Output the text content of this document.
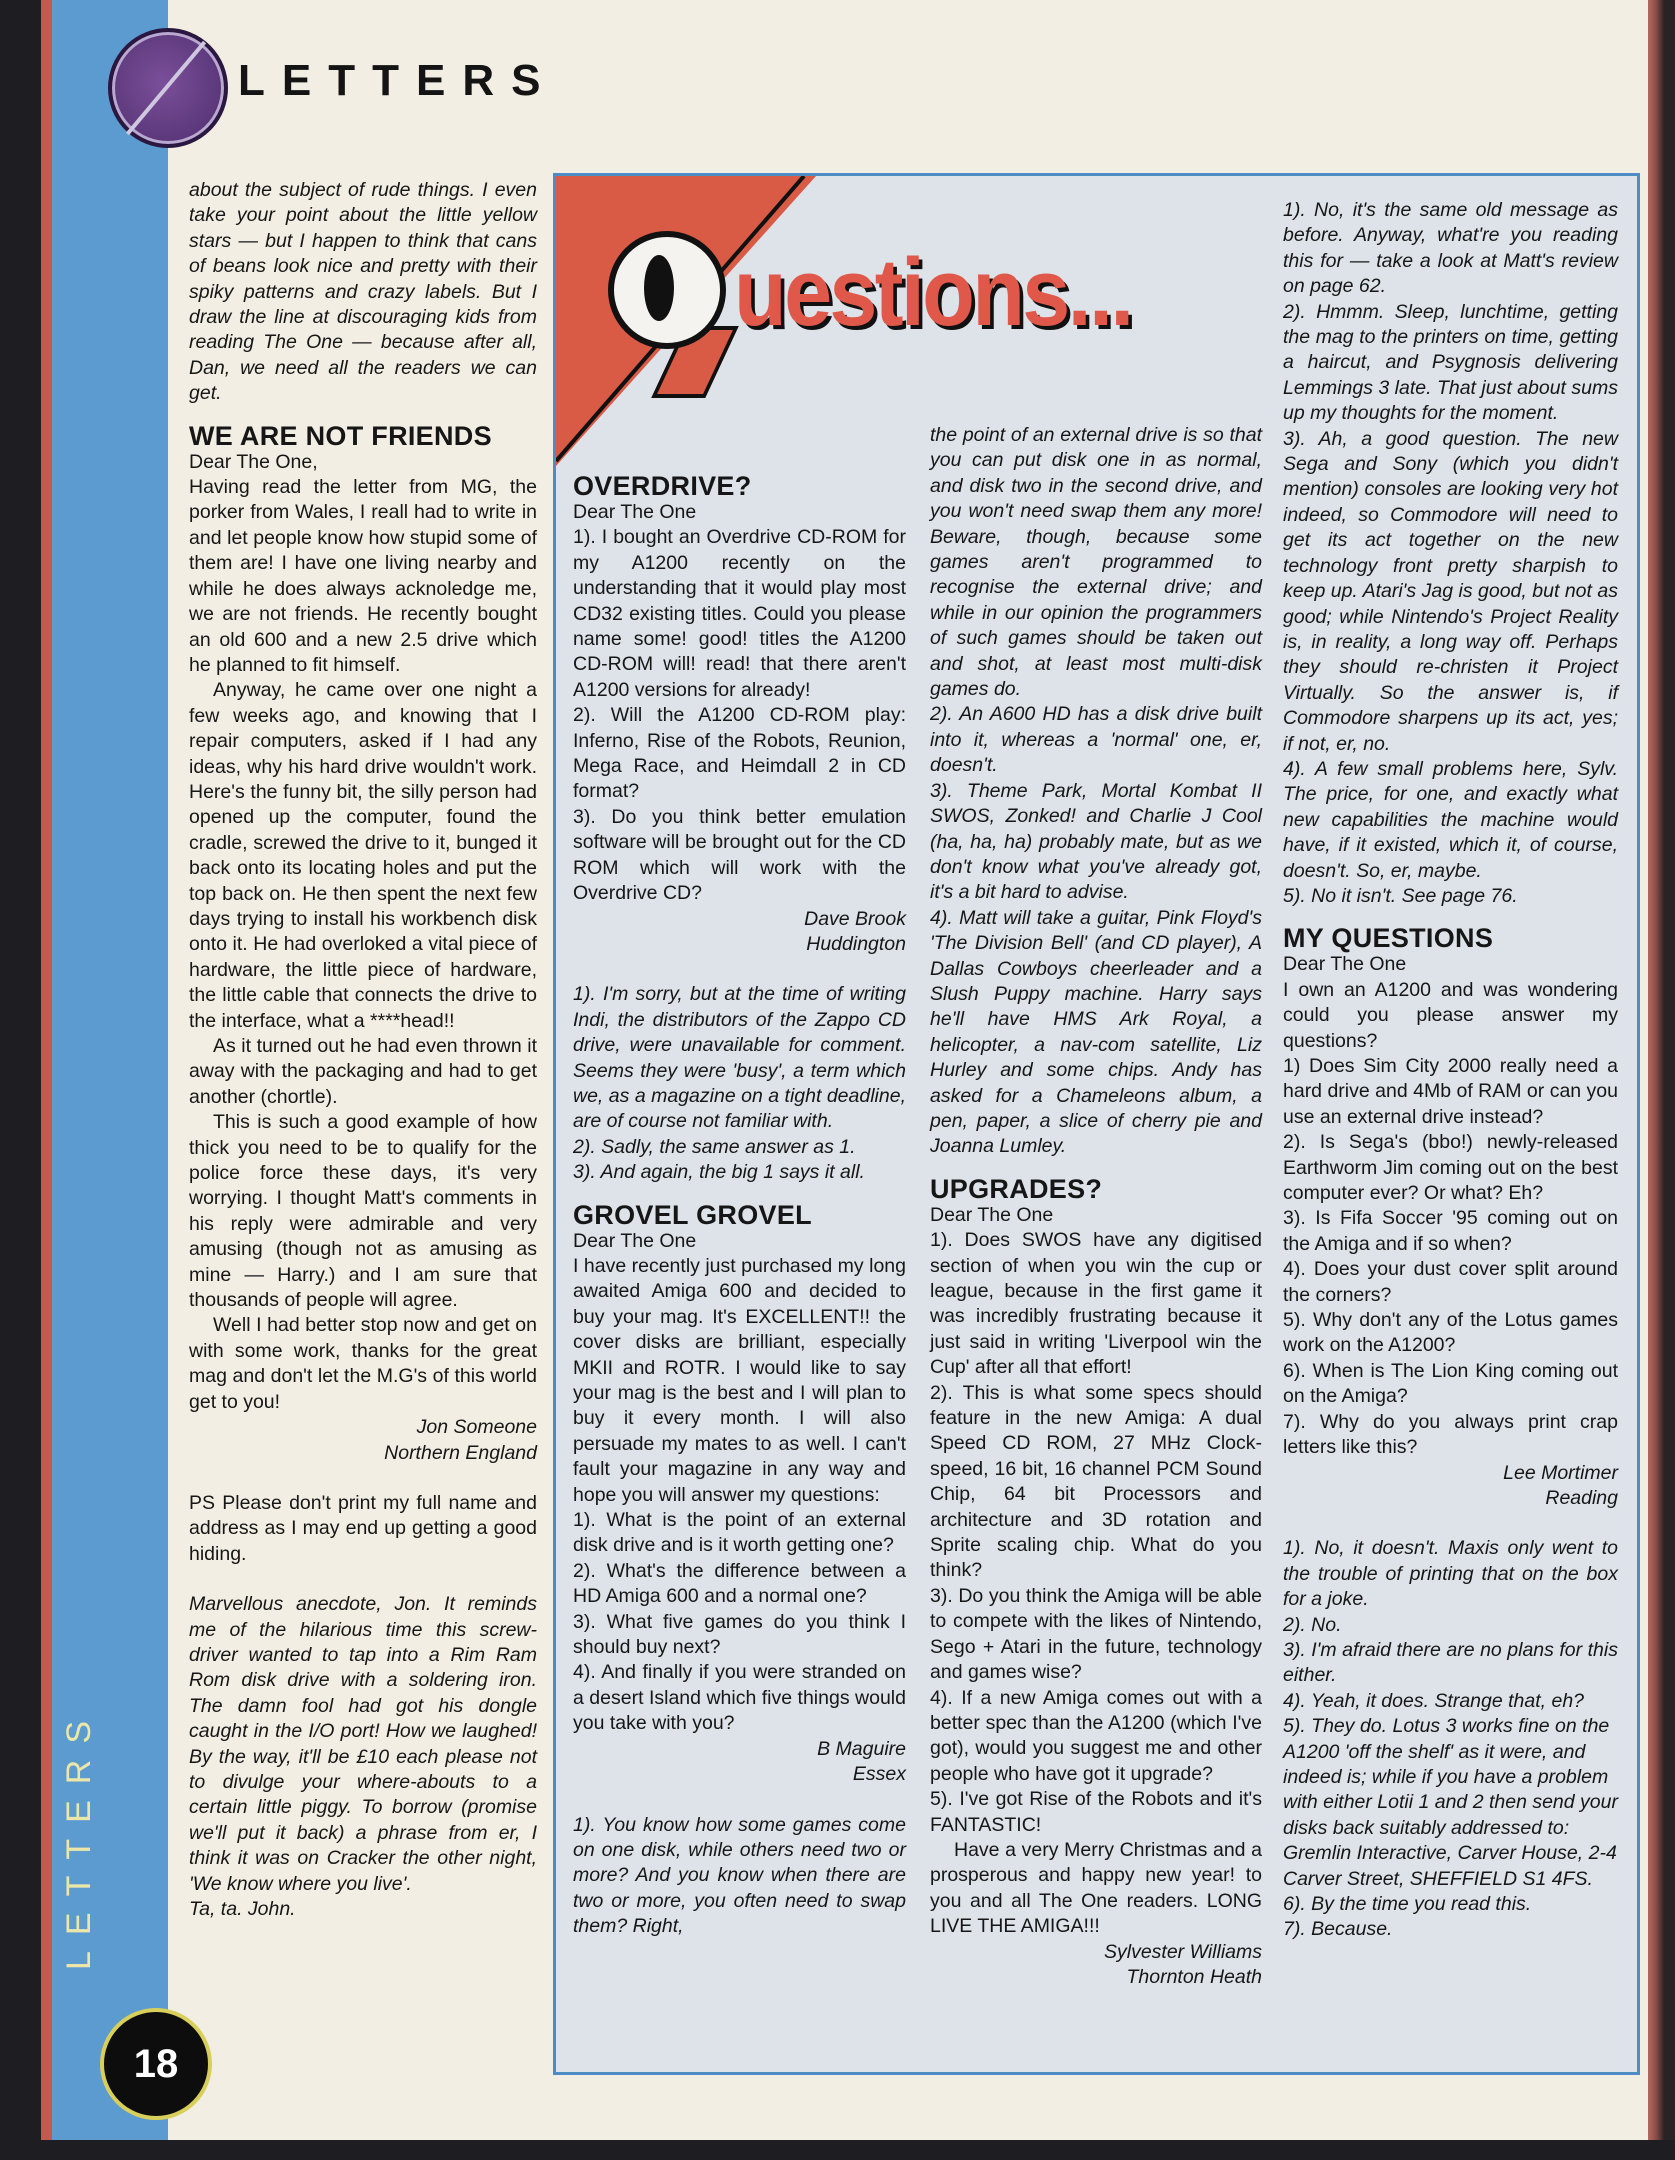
LETTERS
LETTERS
about the subject of rude things. I even take your point about the little yellow stars — but I happen to think that cans of beans look nice and pretty with their spiky patterns and crazy labels. But I draw the line at discouraging kids from reading The One — because after all, Dan, we need all the readers we can get.
WE ARE NOT FRIENDS
Dear The One,
Having read the letter from MG, the porker from Wales, I reall had to write in and let people know how stupid some of them are! I have one living nearby and while he does always acknoledge me, we are not friends. He recently bought an old 600 and a new 2.5 drive which he planned to fit himself.
Anyway, he came over one night a few weeks ago, and knowing that I repair computers, asked if I had any ideas, why his hard drive wouldn't work. Here's the funny bit, the silly person had opened up the computer, found the cradle, screwed the drive to it, bunged it back onto its locating holes and put the top back on. He then spent the next few days trying to install his workbench disk onto it. He had overloked a vital piece of hardware, the little piece of hardware, the little cable that connects the drive to the interface, what a ****head!!
As it turned out he had even thrown it away with the packaging and had to get another (chortle).
This is such a good example of how thick you need to be to qualify for the police force these days, it's very worrying. I thought Matt's comments in his reply were admirable and very amusing (though not as amusing as mine — Harry.) and I am sure that thousands of people will agree.
Well I had better stop now and get on with some work, thanks for the great mag and don't let the M.G's of this world get to you!
Jon Someone
Northern England
PS Please don't print my full name and address as I may end up getting a good hiding.
Marvellous anecdote, Jon. It reminds me of the hilarious time this screw-driver wanted to tap into a Rim Ram Rom disk drive with a soldering iron. The damn fool had got his dongle caught in the I/O port! How we laughed! By the way, it'll be £10 each please not to divulge your where-abouts to a certain little piggy. To borrow (promise we'll put it back) a phrase from er, I think it was on Cracker the other night, 'We know where you live'.
Ta, ta. John.
uestions...
OVERDRIVE?
Dear The One
1). I bought an Overdrive CD-ROM for my A1200 recently on the understanding that it would play most CD32 existing titles. Could you please name some! good! titles the A1200 CD-ROM will! read! that there aren't A1200 versions for already!
2). Will the A1200 CD-ROM play: Inferno, Rise of the Robots, Reunion, Mega Race, and Heimdall 2 in CD format?
3). Do you think better emulation software will be brought out for the CD ROM which will work with the Overdrive CD?
Dave Brook
Huddington
1). I'm sorry, but at the time of writing Indi, the distributors of the Zappo CD drive, were unavailable for comment. Seems they were 'busy', a term which we, as a magazine on a tight deadline, are of course not familiar with.
2). Sadly, the same answer as 1.
3). And again, the big 1 says it all.
GROVEL GROVEL
Dear The One
I have recently just purchased my long awaited Amiga 600 and decided to buy your mag. It's EXCELLENT!! the cover disks are brilliant, especially MKII and ROTR. I would like to say your mag is the best and I will plan to buy it every month. I will also persuade my mates to as well. I can't fault your magazine in any way and hope you will answer my questions:
1). What is the point of an external disk drive and is it worth getting one?
2). What's the difference between a HD Amiga 600 and a normal one?
3). What five games do you think I should buy next?
4). And finally if you were stranded on a desert Island which five things would you take with you?
B Maguire
Essex
1). You know how some games come on one disk, while others need two or more? And you know when there are two or more, you often need to swap them? Right,
the point of an external drive is so that you can put disk one in as normal, and disk two in the second drive, and you won't need swap them any more! Beware, though, because some games aren't programmed to recognise the external drive; and while in our opinion the programmers of such games should be taken out and shot, at least most multi-disk games do.
2). An A600 HD has a disk drive built into it, whereas a 'normal' one, er, doesn't.
3). Theme Park, Mortal Kombat II SWOS, Zonked! and Charlie J Cool (ha, ha, ha) probably mate, but as we don't know what you've already got, it's a bit hard to advise.
4). Matt will take a guitar, Pink Floyd's 'The Division Bell' (and CD player), A Dallas Cowboys cheerleader and a Slush Puppy machine. Harry says he'll have HMS Ark Royal, a helicopter, a nav-com satellite, Liz Hurley and some chips. Andy has asked for a Chameleons album, a pen, paper, a slice of cherry pie and Joanna Lumley.
UPGRADES?
Dear The One
1). Does SWOS have any digitised section of when you win the cup or league, because in the first game it was incredibly frustrating because it just said in writing 'Liverpool win the Cup' after all that effort!
2). This is what some specs should feature in the new Amiga: A dual Speed CD ROM, 27 MHz Clock-speed, 16 bit, 16 channel PCM Sound Chip, 64 bit Processors and architecture and 3D rotation and Sprite scaling chip. What do you think?
3). Do you think the Amiga will be able to compete with the likes of Nintendo, Sego + Atari in the future, technology and games wise?
4). If a new Amiga comes out with a better spec than the A1200 (which I've got), would you suggest me and other people who have got it upgrade?
5). I've got Rise of the Robots and it's FANTASTIC!
Have a very Merry Christmas and a prosperous and happy new year! to you and all The One readers. LONG LIVE THE AMIGA!!!
Sylvester Williams
Thornton Heath
1). No, it's the same old message as before. Anyway, what're you reading this for — take a look at Matt's review on page 62.
2). Hmmm. Sleep, lunchtime, getting the mag to the printers on time, getting a haircut, and Psygnosis delivering Lemmings 3 late. That just about sums up my thoughts for the moment.
3). Ah, a good question. The new Sega and Sony (which you didn't mention) consoles are looking very hot indeed, so Commodore will need to get its act together on the new technology front pretty sharpish to keep up. Atari's Jag is good, but not as good; while Nintendo's Project Reality is, in reality, a long way off. Perhaps they should re-christen it Project Virtually. So the answer is, if Commodore sharpens up its act, yes; if not, er, no.
4). A few small problems here, Sylv. The price, for one, and exactly what new capabilities the machine would have, if it existed, which it, of course, doesn't. So, er, maybe.
5). No it isn't. See page 76.
MY QUESTIONS
Dear The One
I own an A1200 and was wondering could you please answer my questions?
1) Does Sim City 2000 really need a hard drive and 4Mb of RAM or can you use an external drive instead?
2). Is Sega's (bbo!) newly-released Earthworm Jim coming out on the best computer ever? Or what? Eh?
3). Is Fifa Soccer '95 coming out on the Amiga and if so when?
4). Does your dust cover split around the corners?
5). Why don't any of the Lotus games work on the A1200?
6). When is The Lion King coming out on the Amiga?
7). Why do you always print crap letters like this?
Lee Mortimer
Reading
1). No, it doesn't. Maxis only went to the trouble of printing that on the box for a joke.
2). No.
3). I'm afraid there are no plans for this either.
4). Yeah, it does. Strange that, eh?
5). They do. Lotus 3 works fine on the A1200 'off the shelf' as it were, and indeed is; while if you have a problem with either Lotii 1 and 2 then send your disks back suitably addressed to: Gremlin Interactive, Carver House, 2-4 Carver Street, SHEFFIELD S1 4FS.
6). By the time you read this.
7). Because.
18
